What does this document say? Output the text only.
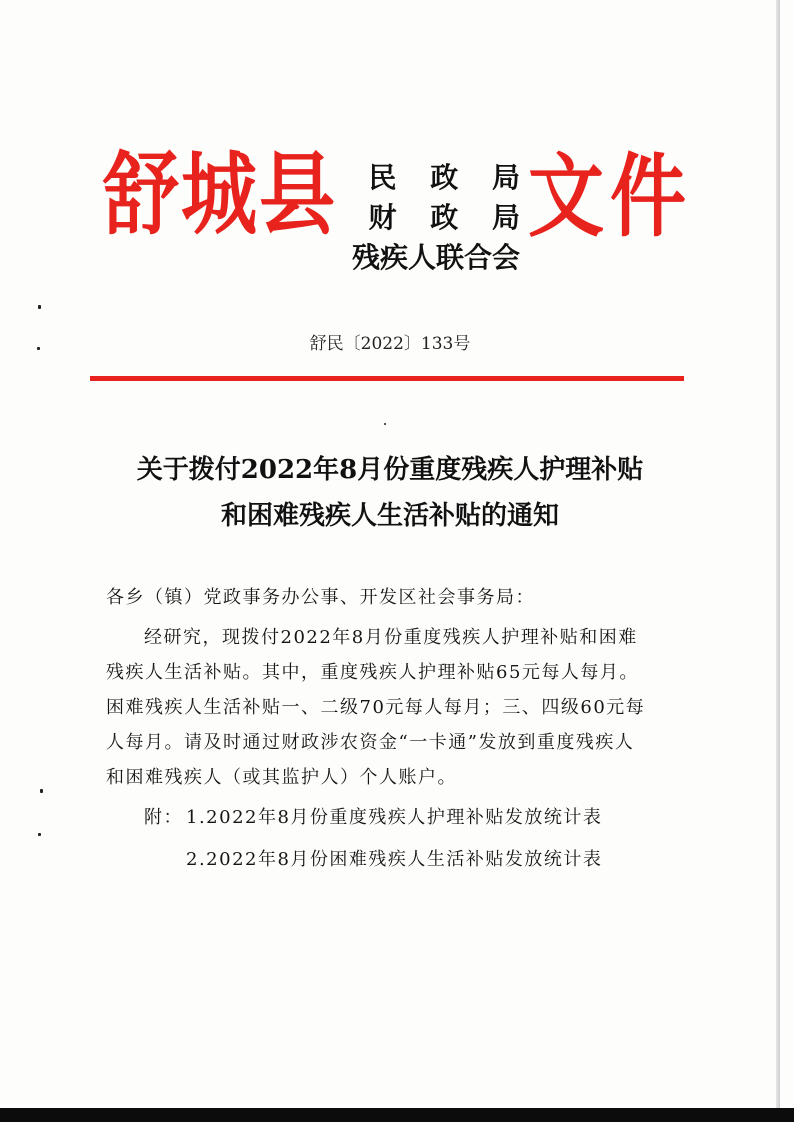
舒城县	民 政 局
财 政 局
残疾人联合会
文件
舒民〔2022〕133号
关于拨付2022年8月份重度残疾人护理补贴
和困难残疾人生活补贴的通知
各乡（镇）党政事务办公事、开发区社会事务局：
经研究，现拨付2022年8月份重度残疾人护理补贴和困难
残疾人生活补贴。其中，重度残疾人护理补贴65元每人每月。
困难残疾人生活补贴一、二级70元每人每月；三、四级60元每
人每月。请及时通过财政涉农资金“一卡通”发放到重度残疾人
和困难残疾人（或其监护人）个人账户。
附： 1.2022年8月份重度残疾人护理补贴发放统计表
2.2022年8月份困难残疾人生活补贴发放统计表
